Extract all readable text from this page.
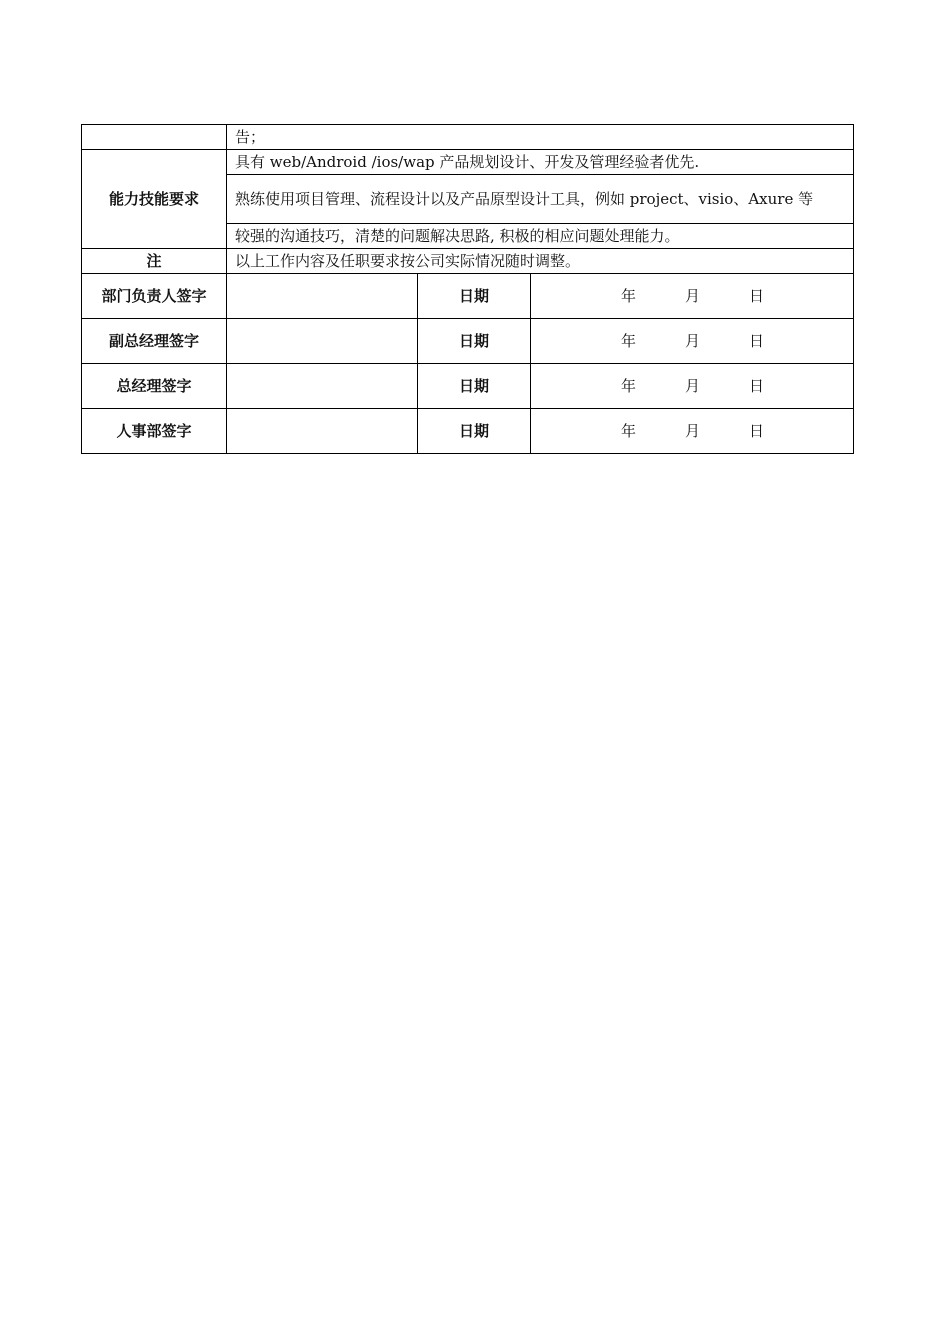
	告；		
能力技能要求	具有 web/Android /ios/wap 产品规划设计、开发及管理经验者优先.		
	熟练使用项目管理、流程设计以及产品原型设计工具，例如 project、visio、Axure 等		
	较强的沟通技巧，清楚的问题解决思路, 积极的相应问题处理能力。		
注	以上工作内容及任职要求按公司实际情况随时调整。		
部门负责人签字		日期	年 月 日

副总经理签字		日期	年 月 日

总经理签字		日期	年 月 日

人事部签字		日期	年 月 日
